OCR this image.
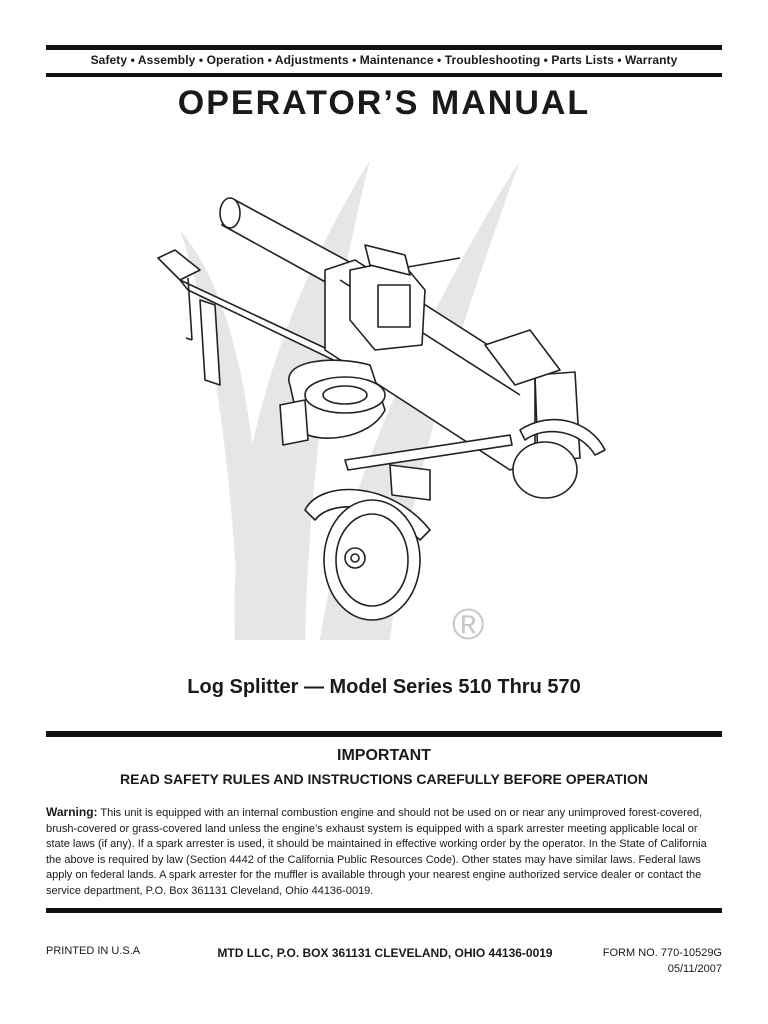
Safety • Assembly • Operation • Adjustments • Maintenance • Troubleshooting • Parts Lists • Warranty
OPERATOR’S MANUAL
®
Log Splitter — Model Series 510 Thru 570
IMPORTANT
READ SAFETY RULES AND INSTRUCTIONS CAREFULLY BEFORE OPERATION
Warning: This unit is equipped with an internal combustion engine and should not be used on or near any unimproved forest-covered, brush-covered or grass-covered land unless the engine’s exhaust system is equipped with a spark arrester meeting applicable local or state laws (if any). If a spark arrester is used, it should be maintained in effective working order by the operator. In the State of California the above is required by law (Section 4442 of the California Public Resources Code). Other states may have similar laws. Federal laws apply on federal lands. A spark arrester for the muffler is available through your nearest engine authorized service dealer or contact the service department, P.O. Box 361131 Cleveland, Ohio 44136-0019.
PRINTED IN U.S.A	MTD LLC, P.O. BOX 361131 CLEVELAND, OHIO 44136-0019	FORM NO. 770-10529G
05/11/2007
